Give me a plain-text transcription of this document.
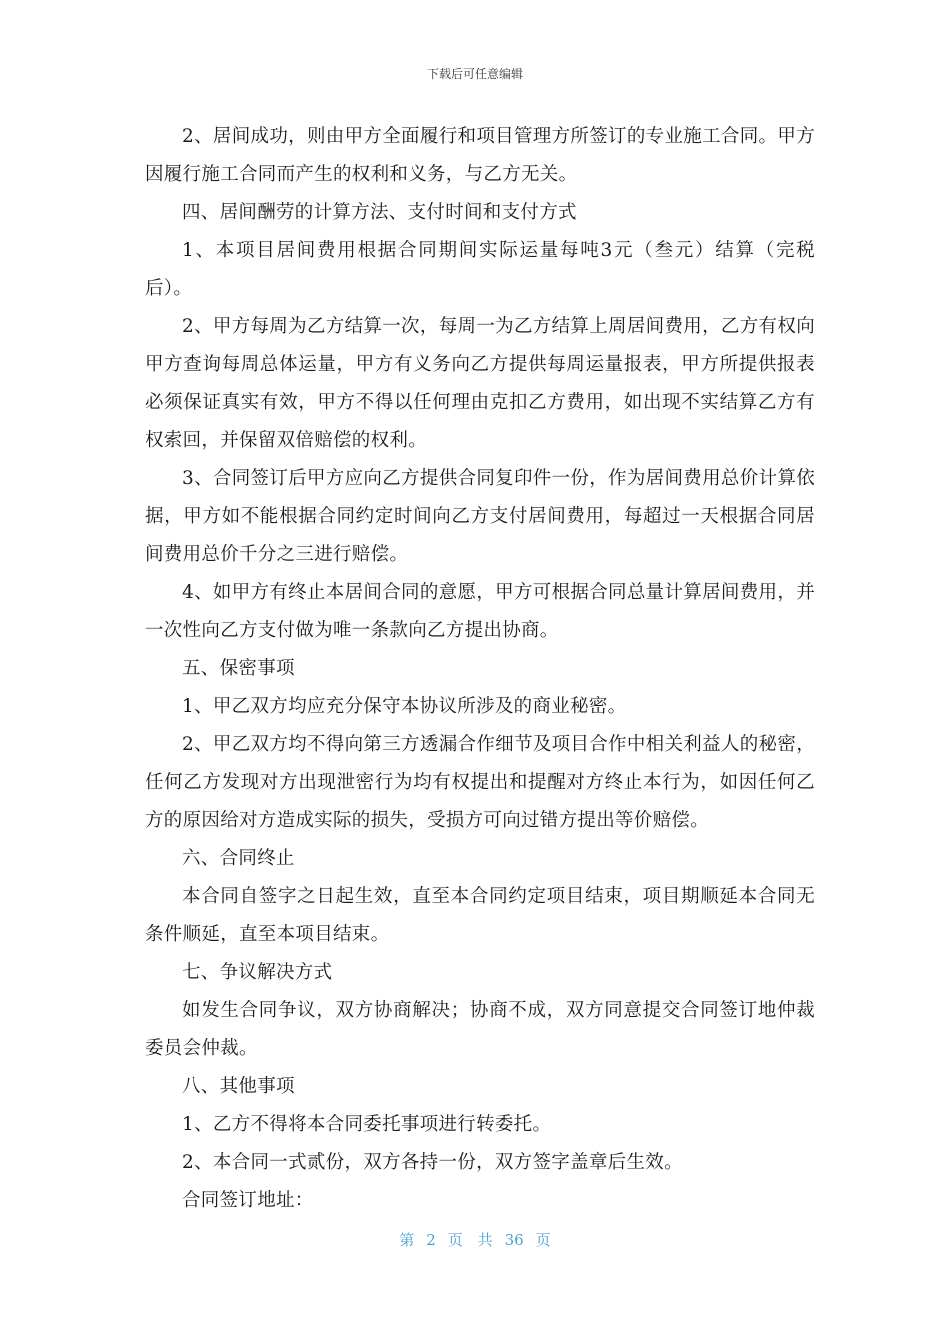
下载后可任意编辑

2、居间成功，则由甲方全面履行和项目管理方所签订的专业施工合同。甲方因履行施工合同而产生的权利和义务，与乙方无关。

四、居间酬劳的计算方法、支付时间和支付方式

1、本项目居间费用根据合同期间实际运量每吨3元（叁元）结算（完税后）。

2、甲方每周为乙方结算一次，每周一为乙方结算上周居间费用，乙方有权向甲方查询每周总体运量，甲方有义务向乙方提供每周运量报表，甲方所提供报表必须保证真实有效，甲方不得以任何理由克扣乙方费用，如出现不实结算乙方有权索回，并保留双倍赔偿的权利。

3、合同签订后甲方应向乙方提供合同复印件一份，作为居间费用总价计算依据，甲方如不能根据合同约定时间向乙方支付居间费用，每超过一天根据合同居间费用总价千分之三进行赔偿。

4、如甲方有终止本居间合同的意愿，甲方可根据合同总量计算居间费用，并一次性向乙方支付做为唯一条款向乙方提出协商。

五、保密事项

1、甲乙双方均应充分保守本协议所涉及的商业秘密。

2、甲乙双方均不得向第三方透漏合作细节及项目合作中相关利益人的秘密，任何乙方发现对方出现泄密行为均有权提出和提醒对方终止本行为，如因任何乙方的原因给对方造成实际的损失，受损方可向过错方提出等价赔偿。

六、合同终止

本合同自签字之日起生效，直至本合同约定项目结束，项目期顺延本合同无条件顺延，直至本项目结束。

七、争议解决方式

如发生合同争议，双方协商解决；协商不成，双方同意提交合同签订地仲裁委员会仲裁。

八、其他事项

1、乙方不得将本合同委托事项进行转委托。

2、本合同一式贰份，双方各持一份，双方签字盖章后生效。

合同签订地址：

第 2 页 共 36 页
